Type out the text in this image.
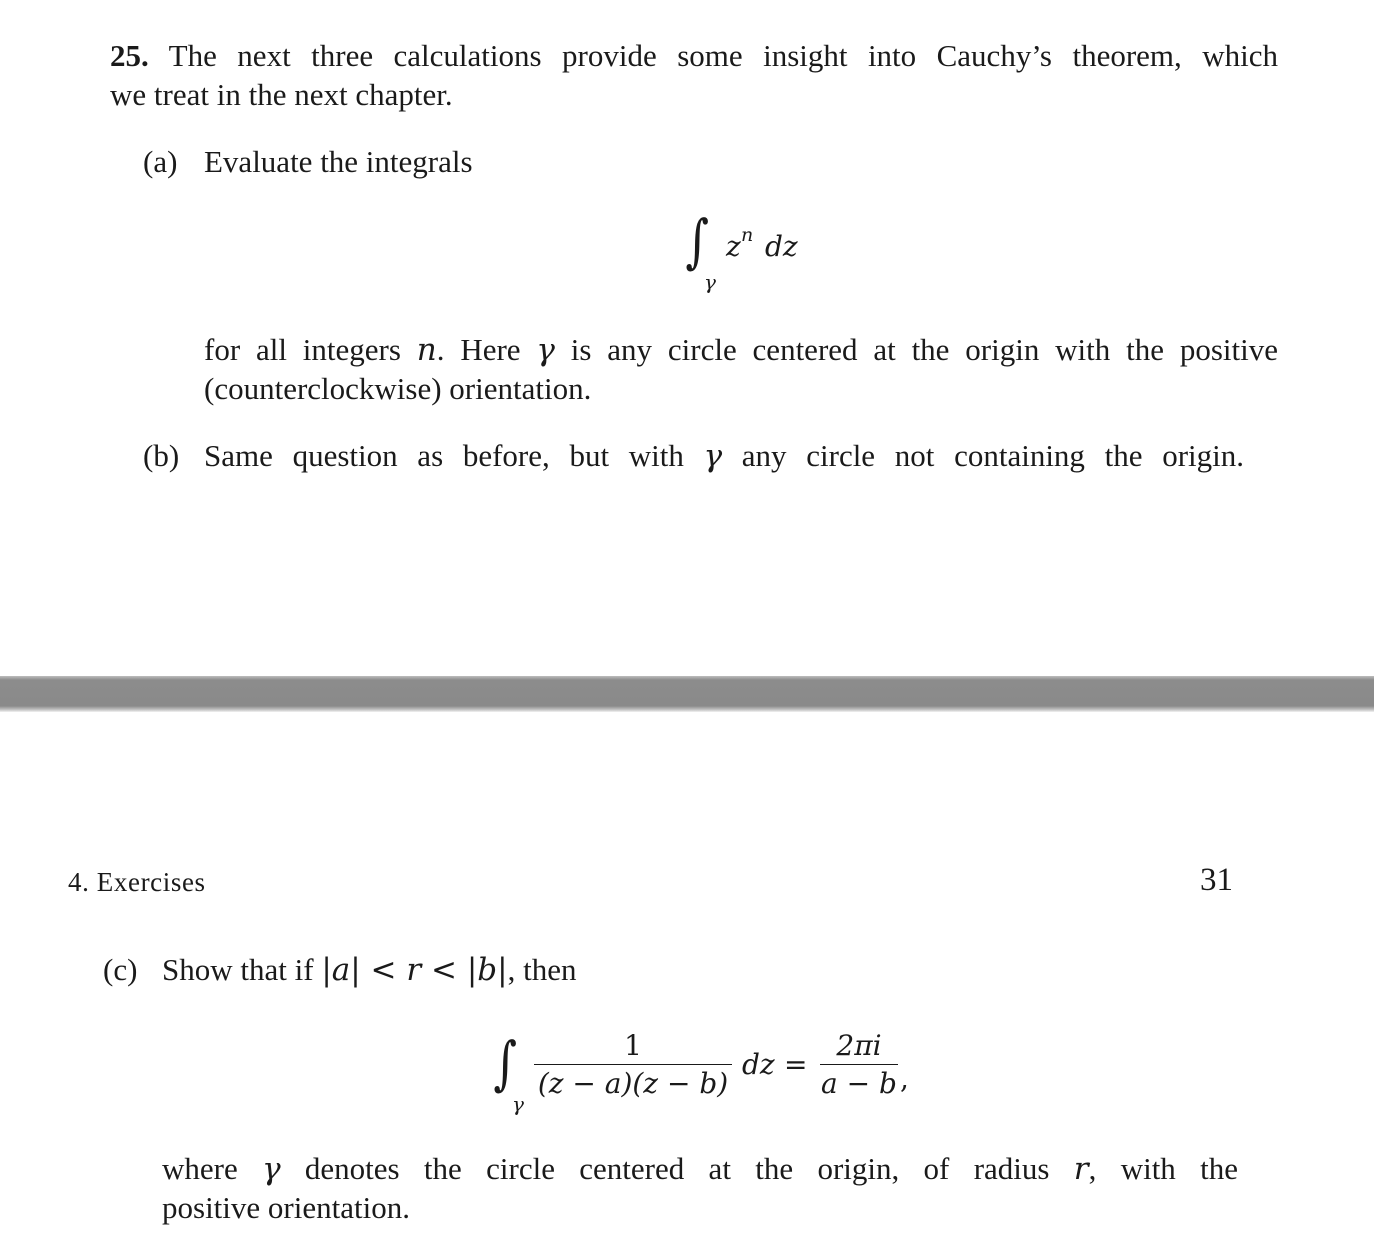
25. The next three calculations provide some insight into Cauchy’s theorem, which
we treat in the next chapter.
(a) Evaluate the integrals
∫
γ
z n dz
for all integers n. Here γ is any circle centered at the origin with the positive
(counterclockwise) orientation.
(b) Same question as before, but with γ any circle not containing the origin.
4. Exercises	31
(c) Show that if |a| < r < |b|, then
∫
γ
1
(z − a)(z − b)
dz =
2πi
a − b ,
where γ denotes the circle centered at the origin, of radius r, with the
positive orientation.
